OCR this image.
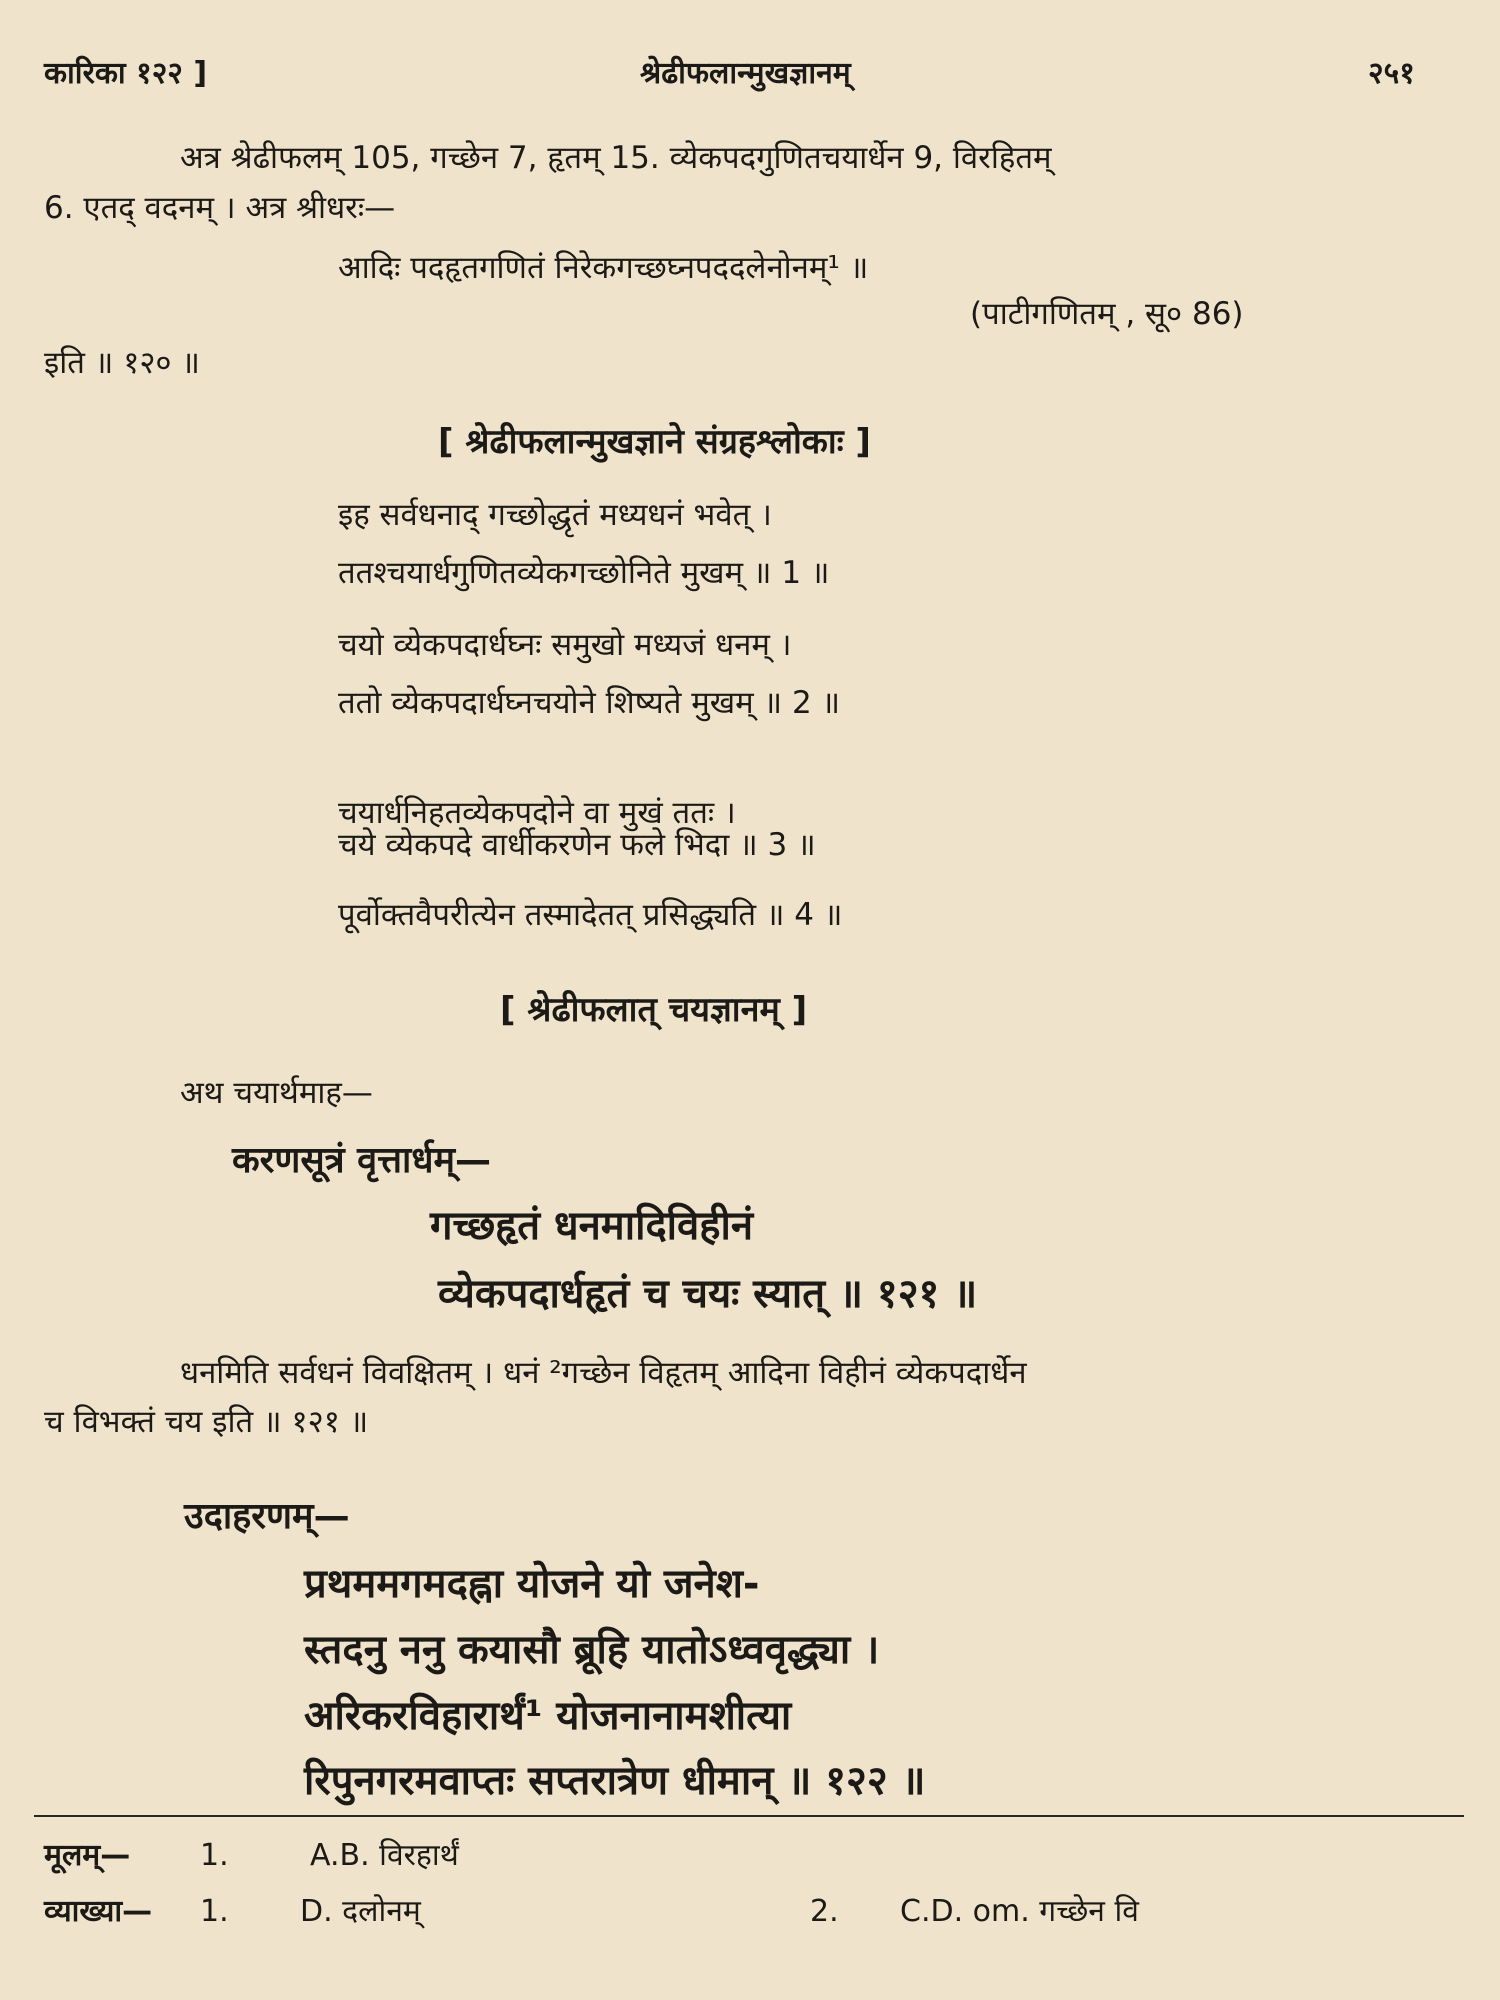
कारिका १२२ ]	श्रेढीफलान्मुखज्ञानम्	२५१
अत्र श्रेढीफलम् 105, गच्छेन 7, हृतम् 15. व्येकपदगुणितचयार्धेन 9, विरहितम्
6. एतद् वदनम् । अत्र श्रीधरः—
आदिः पदहृतगणितं निरेकगच्छघ्नपददलेनोनम्¹ ॥
(पाटीगणितम् , सू० 86)
इति ॥ १२० ॥
[ श्रेढीफलान्मुखज्ञाने संग्रहश्लोकाः ]
इह सर्वधनाद् गच्छोद्धृतं मध्यधनं भवेत् ।
ततश्चयार्धगुणितव्येकगच्छोनिते मुखम् ॥ 1 ॥
चयो व्येकपदार्धघ्नः समुखो मध्यजं धनम् ।
ततो व्येकपदार्धघ्नचयोने शिष्यते मुखम् ॥ 2 ॥
चयार्धनिहतव्येकपदोने वा मुखं ततः ।
चये व्येकपदे वार्धीकरणेन फले भिदा ॥ 3 ॥
पूर्वोक्तवैपरीत्येन तस्मादेतत् प्रसिद्ध्यति ॥ 4 ॥
[ श्रेढीफलात् चयज्ञानम् ]
अथ चयार्थमाह—
करणसूत्रं वृत्तार्धम्—
गच्छहृतं धनमादिविहीनं
व्येकपदार्धहृतं च चयः स्यात् ॥ १२१ ॥
धनमिति सर्वधनं विवक्षितम् । धनं ²गच्छेन विहृतम् आदिना विहीनं व्येकपदार्धेन
च विभक्तं चय इति ॥ १२१ ॥
उदाहरणम्—
प्रथममगमदह्ना योजने यो जनेश-
स्तदनु ननु कयासौ ब्रूहि यातोऽध्ववृद्ध्या ।
अरिकरविहारार्थं¹ योजनानामशीत्या
रिपुनगरमवाप्तः सप्तरात्रेण धीमान् ॥ १२२ ॥
मूलम्— 1.	A.B. विरहार्थं
व्याख्या— 1. D. दलोनम्	2. C.D. om. गच्छेन वि
